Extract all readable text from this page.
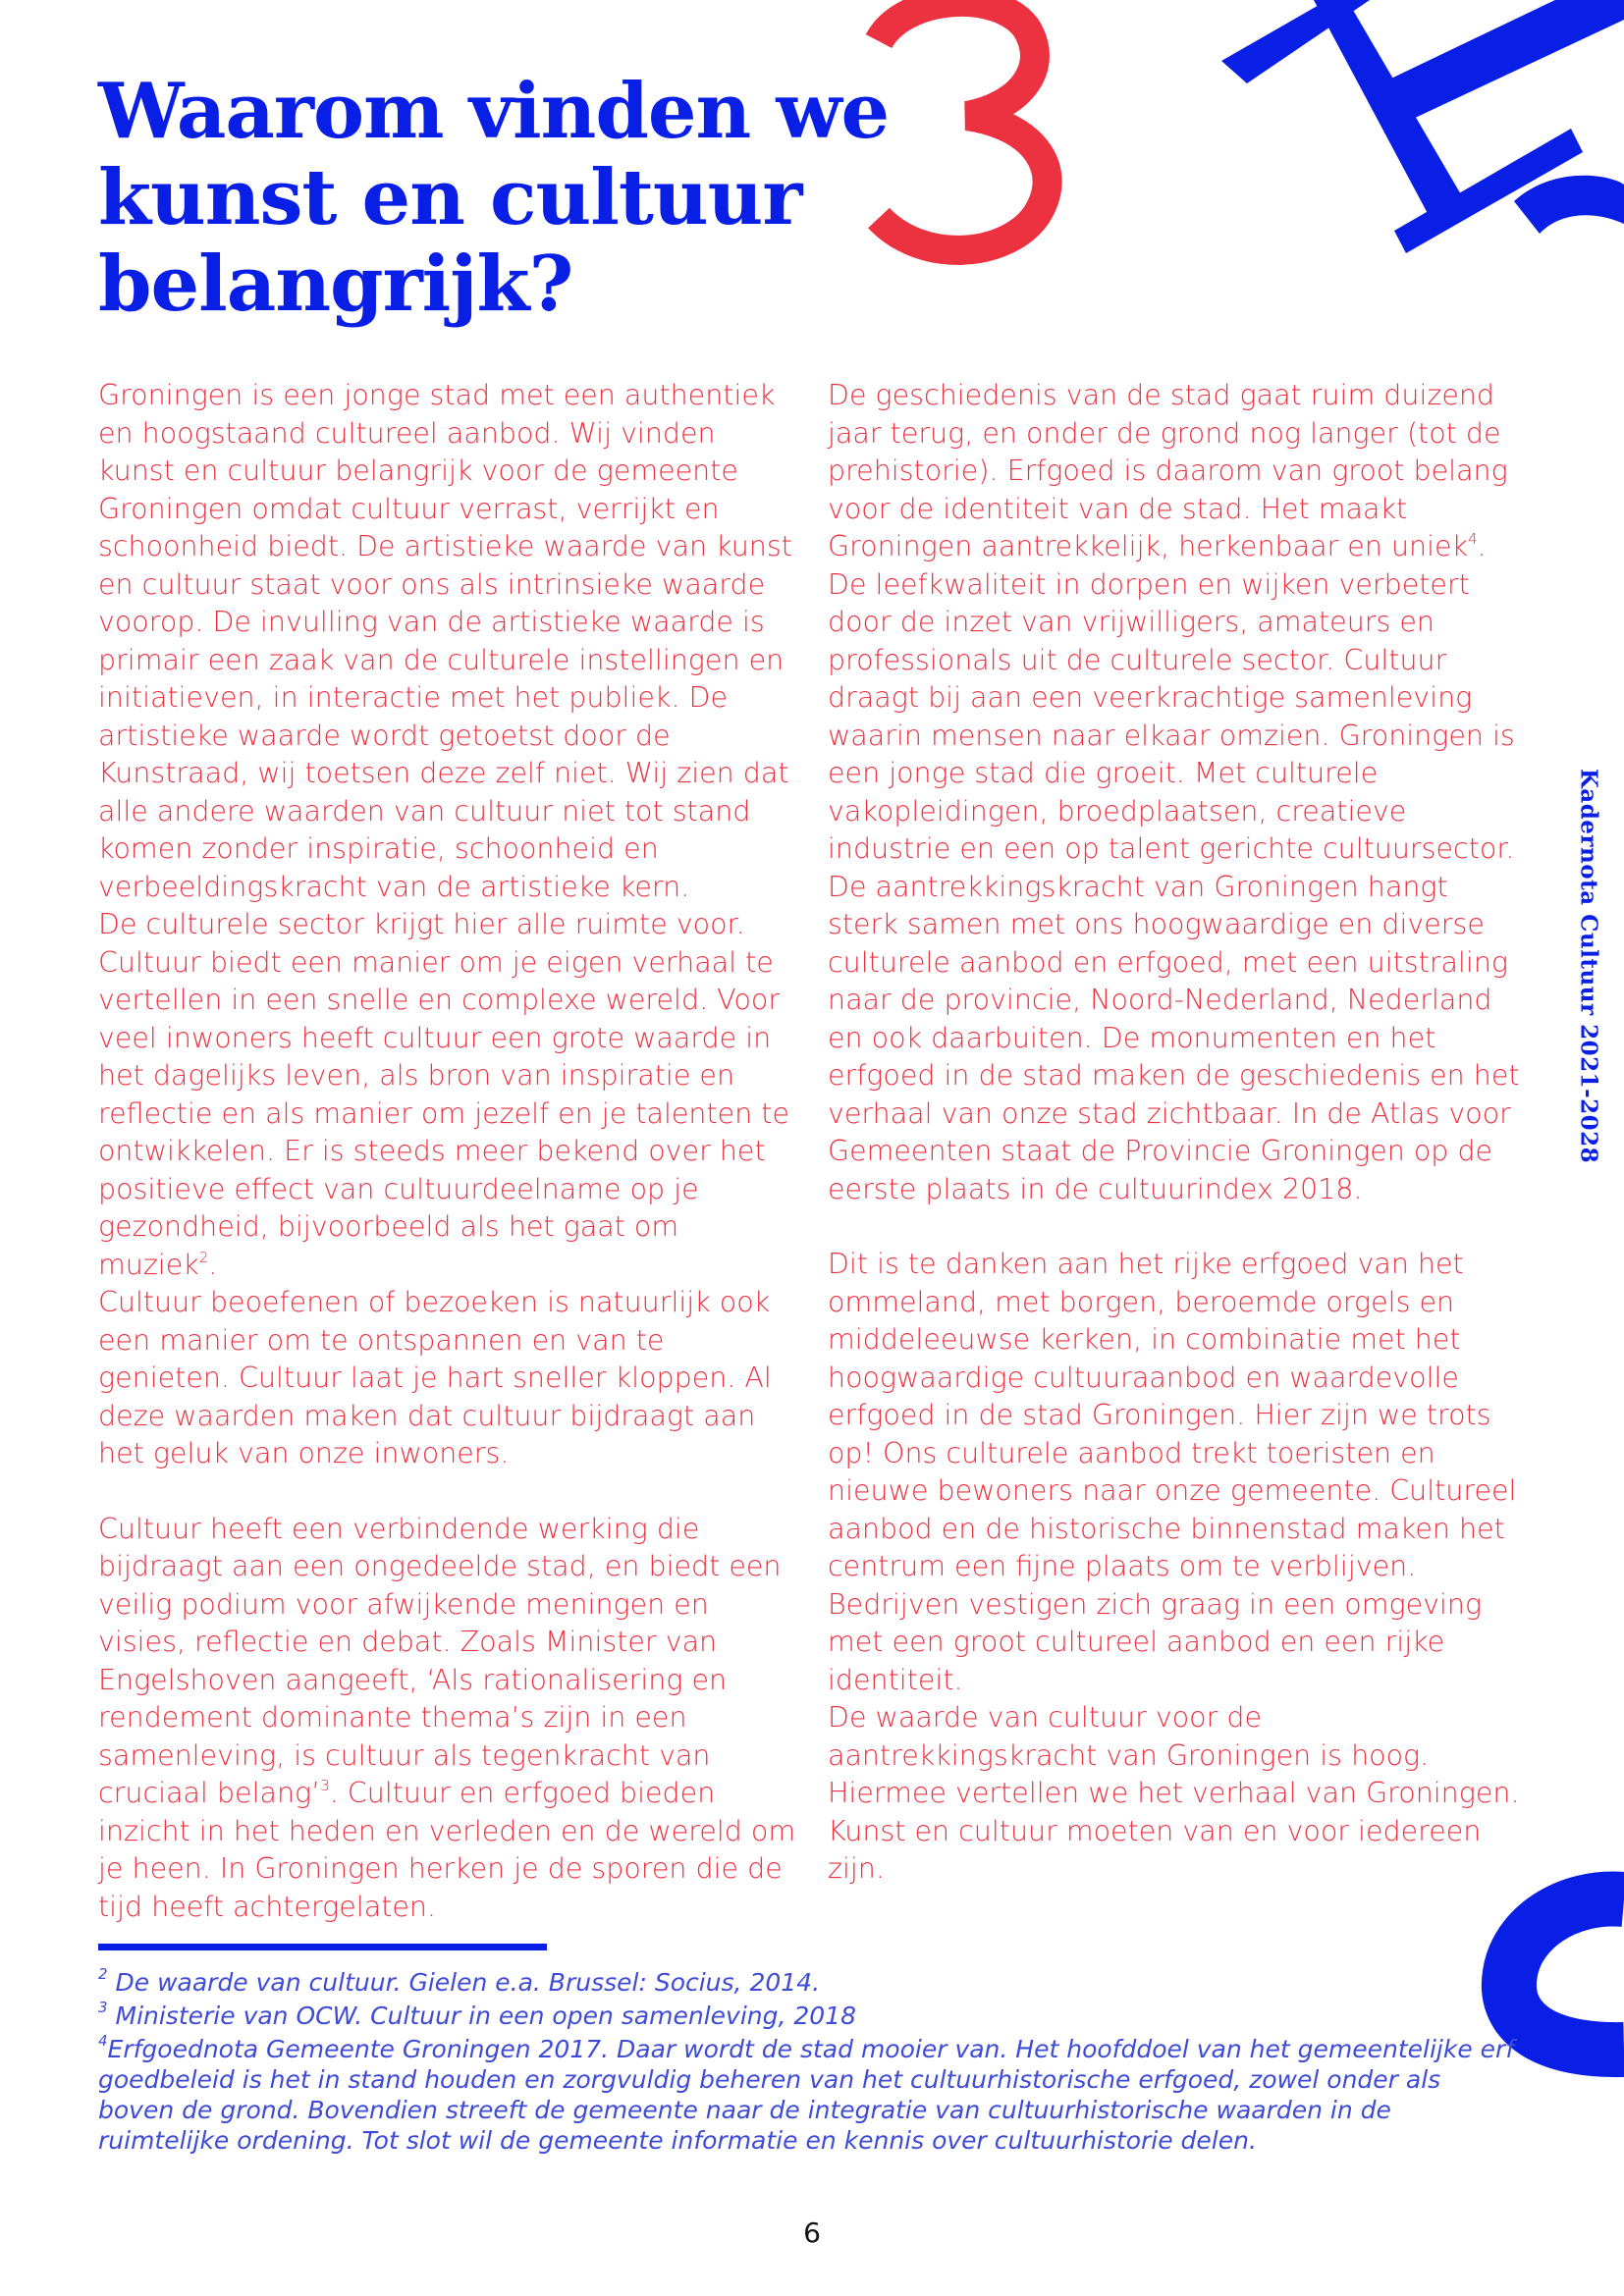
Waarom vinden we kunst en cultuur belangrijk?

Groningen is een jonge stad met een authentiek en hoogstaand cultureel aanbod. Wij vinden kunst en cultuur belangrijk voor de gemeente Groningen omdat cultuur verrast, verrijkt en schoonheid biedt. De artistieke waarde van kunst en cultuur staat voor ons als intrinsieke waarde voorop. De invulling van de artistieke waarde is primair een zaak van de culturele instellingen en initiatieven, in interactie met het publiek. De artistieke waarde wordt getoetst door de Kunstraad, wij toetsen deze zelf niet. Wij zien dat alle andere waarden van cultuur niet tot stand komen zonder inspiratie, schoonheid en verbeeldingskracht van de artistieke kern.

De culturele sector krijgt hier alle ruimte voor. Cultuur biedt een manier om je eigen verhaal te vertellen in een snelle en complexe wereld. Voor veel inwoners heeft cultuur een grote waarde in het dagelijks leven, als bron van inspiratie en reflectie en als manier om jezelf en je talenten te ontwikkelen. Er is steeds meer bekend over het positieve effect van cultuurdeelname op je gezondheid, bijvoorbeeld als het gaat om muziek$^2$.

Cultuur beoefenen of bezoeken is natuurlijk ook een manier om te ontspannen en van te genieten. Cultuur laat je hart sneller kloppen. Al deze waarden maken dat cultuur bijdraagt aan het geluk van onze inwoners.

Cultuur heeft een verbindende werking die bijdraagt aan een ongedeelde stad, en biedt een veilig podium voor afwijkende meningen en visies, reflectie en debat. Zoals Minister van Engelshoven aangeeft, ‘Als rationalisering en rendement dominante thema’s zijn in een samenleving, is cultuur als tegenkracht van cruciaal belang’$^3$. Cultuur en erfgoed bieden inzicht in het heden en verleden en de wereld om je heen. In Groningen herken je de sporen die de tijd heeft achtergelaten.

De geschiedenis van de stad gaat ruim duizend jaar terug, en onder de grond nog langer (tot de prehistorie). Erfgoed is daarom van groot belang voor de identiteit van de stad. Het maakt Groningen aantrekkelijk, herkenbaar en uniek$^4$.

De leefkwaliteit in dorpen en wijken verbetert door de inzet van vrijwilligers, amateurs en professionals uit de culturele sector. Cultuur draagt bij aan een veerkrachtige samenleving waarin mensen naar elkaar omzien. Groningen is een jonge stad die groeit. Met culturele vakopleidingen, broedplaatsen, creatieve industrie en een op talent gerichte cultuursector. De aantrekkingskracht van Groningen hangt sterk samen met ons hoogwaardige en diverse culturele aanbod en erfgoed, met een uitstraling naar de provincie, Noord-Nederland, Nederland en ook daarbuiten. De monumenten en het erfgoed in de stad maken de geschiedenis en het verhaal van onze stad zichtbaar. In de Atlas voor Gemeenten staat de Provincie Groningen op de eerste plaats in de cultuurindex 2018.

Dit is te danken aan het rijke erfgoed van het ommeland, met borgen, beroemde orgels en middeleeuwse kerken, in combinatie met het hoogwaardige cultuuraanbod en waardevolle erfgoed in de stad Groningen. Hier zijn we trots op! Ons culturele aanbod trekt toeristen en nieuwe bewoners naar onze gemeente. Cultureel aanbod en de historische binnenstad maken het centrum een fijne plaats om te verblijven. Bedrijven vestigen zich graag in een omgeving met een groot cultureel aanbod en een rijke identiteit.

De waarde van cultuur voor de aantrekkingskracht van Groningen is hoog. Hiermee vertellen we het verhaal van Groningen. Kunst en cultuur moeten van en voor iedereen zijn.

Kadernota Cultuur 2021-2028

$^2$ De waarde van cultuur. Gielen e.a. Brussel: Socius, 2014.

$^3$ Ministerie van OCW. Cultuur in een open samenleving, 2018

$^4$Erfgoednota Gemeente Groningen 2017. Daar wordt de stad mooier van. Het hoofddoel van het gemeentelijke erf goedbeleid is het in stand houden en zorgvuldig beheren van het cultuurhistorische erfgoed, zowel onder als boven de grond. Bovendien streeft de gemeente naar de integratie van cultuurhistorische waarden in de ruimtelijke ordening. Tot slot wil de gemeente informatie en kennis over cultuurhistorie delen.

6
